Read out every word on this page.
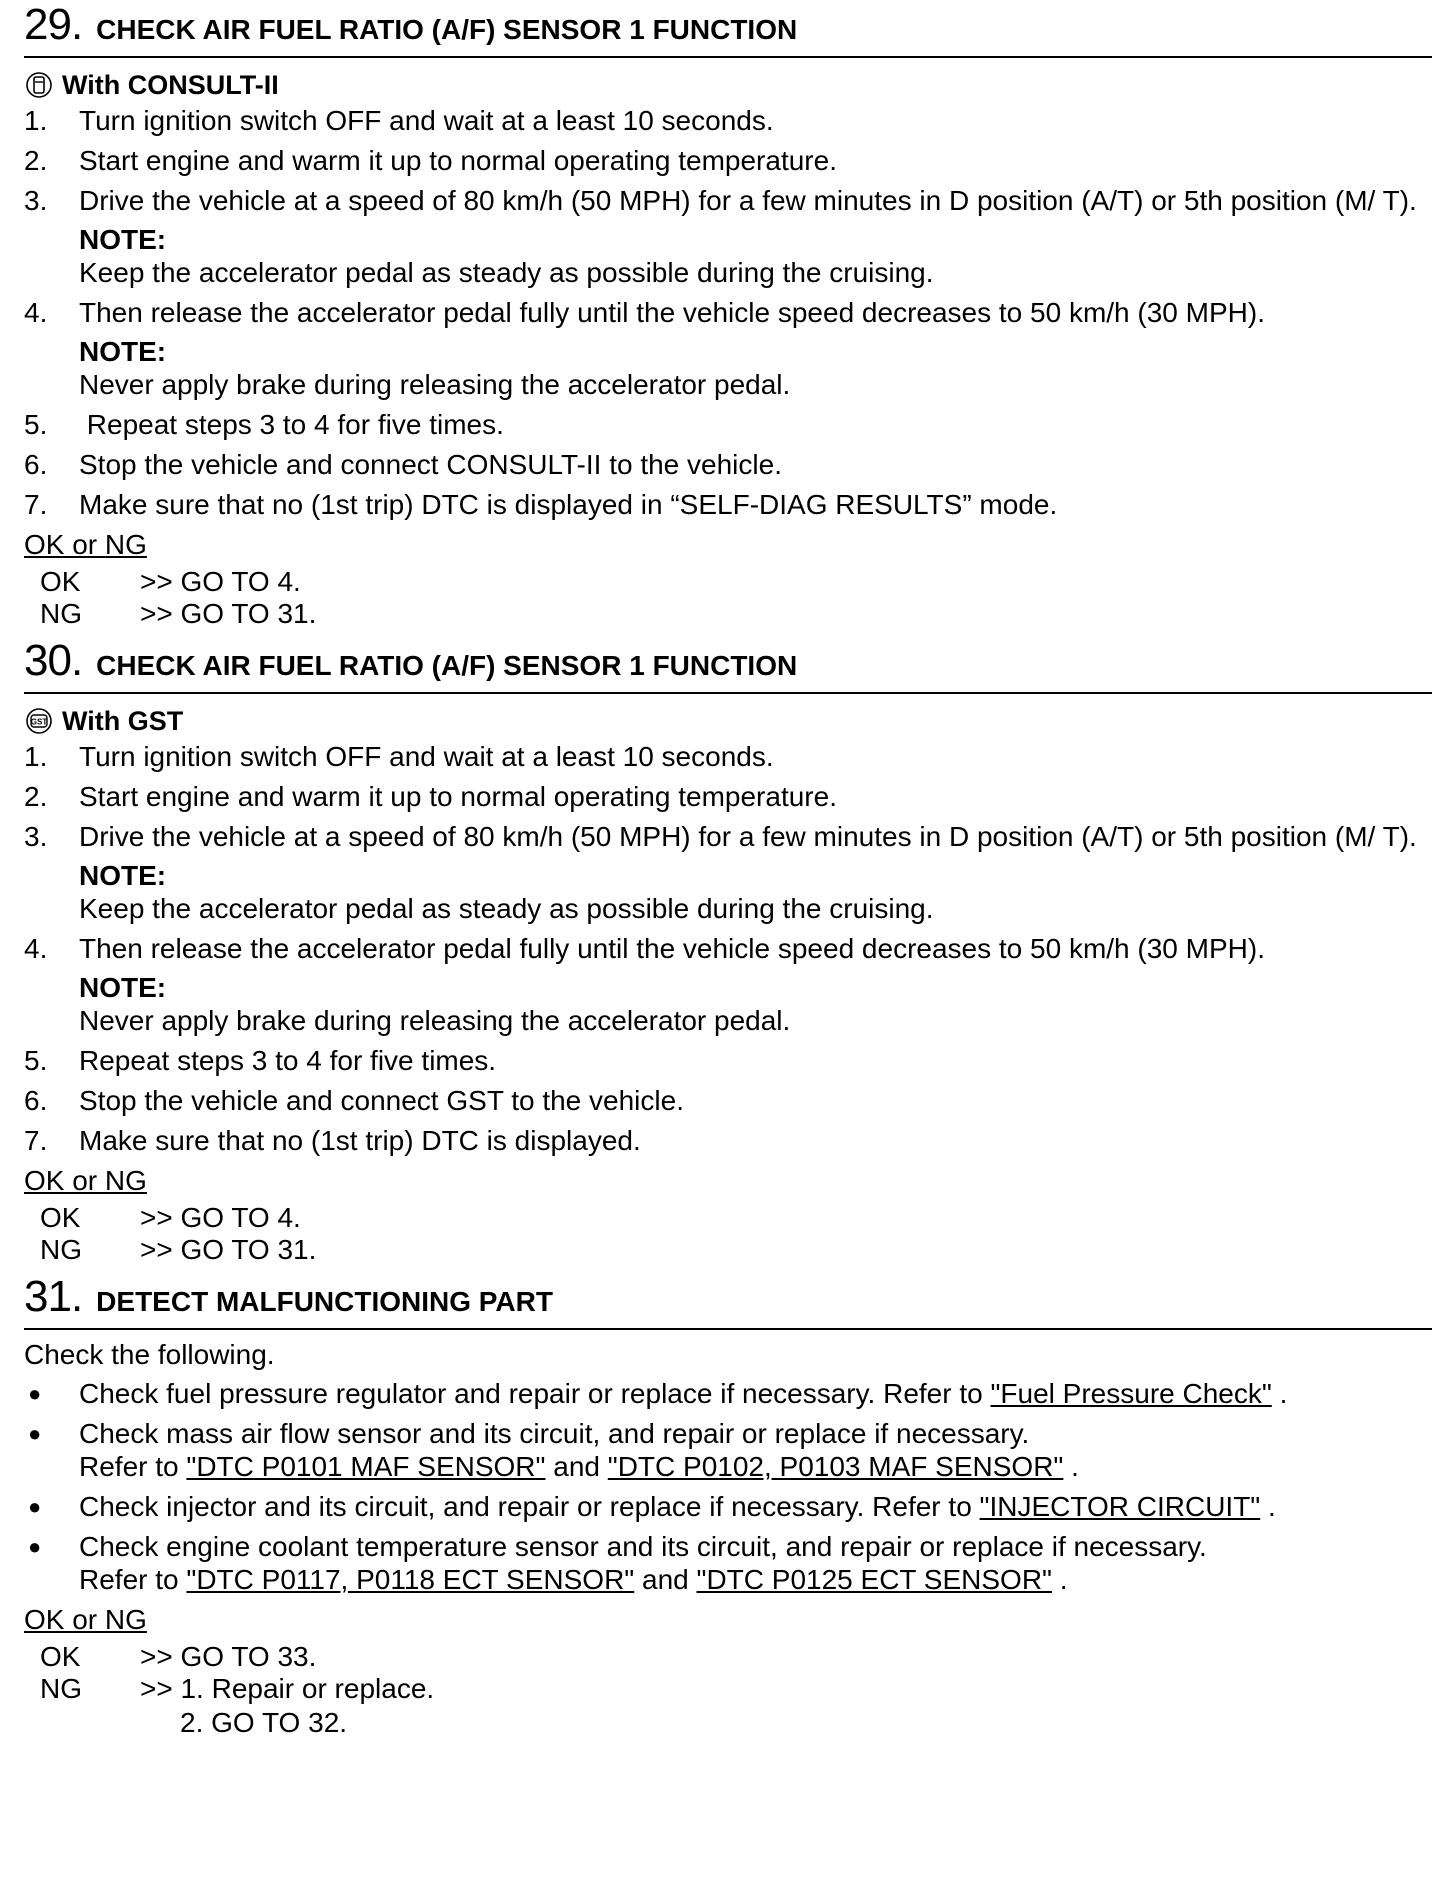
29. CHECK AIR FUEL RATIO (A/F) SENSOR 1 FUNCTION
With CONSULT-II
1.	Turn ignition switch OFF and wait at a least 10 seconds.
2.	Start engine and warm it up to normal operating temperature.
3.	Drive the vehicle at a speed of 80 km/h (50 MPH) for a few minutes in D position (A/T) or 5th position (M/ T).
NOTE:
Keep the accelerator pedal as steady as possible during the cruising.
4.	Then release the accelerator pedal fully until the vehicle speed decreases to 50 km/h (30 MPH).
NOTE:
Never apply brake during releasing the accelerator pedal.
5.	Repeat steps 3 to 4 for five times.
6.	Stop the vehicle and connect CONSULT-II to the vehicle.
7.	Make sure that no (1st trip) DTC is displayed in “SELF-DIAG RESULTS” mode.
OK or NG
OK	>> GO TO 4.
NG	>> GO TO 31.
30. CHECK AIR FUEL RATIO (A/F) SENSOR 1 FUNCTION
GST With GST
1.	Turn ignition switch OFF and wait at a least 10 seconds.
2.	Start engine and warm it up to normal operating temperature.
3.	Drive the vehicle at a speed of 80 km/h (50 MPH) for a few minutes in D position (A/T) or 5th position (M/ T).
NOTE:
Keep the accelerator pedal as steady as possible during the cruising.
4.	Then release the accelerator pedal fully until the vehicle speed decreases to 50 km/h (30 MPH).
NOTE:
Never apply brake during releasing the accelerator pedal.
5.	Repeat steps 3 to 4 for five times.
6.	Stop the vehicle and connect GST to the vehicle.
7.	Make sure that no (1st trip) DTC is displayed.
OK or NG
OK	>> GO TO 4.
NG	>> GO TO 31.
31. DETECT MALFUNCTIONING PART
Check the following.
●	Check fuel pressure regulator and repair or replace if necessary. Refer to "Fuel Pressure Check" .
●	Check mass air flow sensor and its circuit, and repair or replace if necessary.
Refer to "DTC P0101 MAF SENSOR" and "DTC P0102, P0103 MAF SENSOR" .
●	Check injector and its circuit, and repair or replace if necessary. Refer to "INJECTOR CIRCUIT" .
●	Check engine coolant temperature sensor and its circuit, and repair or replace if necessary.
Refer to "DTC P0117, P0118 ECT SENSOR" and "DTC P0125 ECT SENSOR" .
OK or NG
OK	>> GO TO 33.
NG	>> 1. Repair or replace.
2. GO TO 32.
